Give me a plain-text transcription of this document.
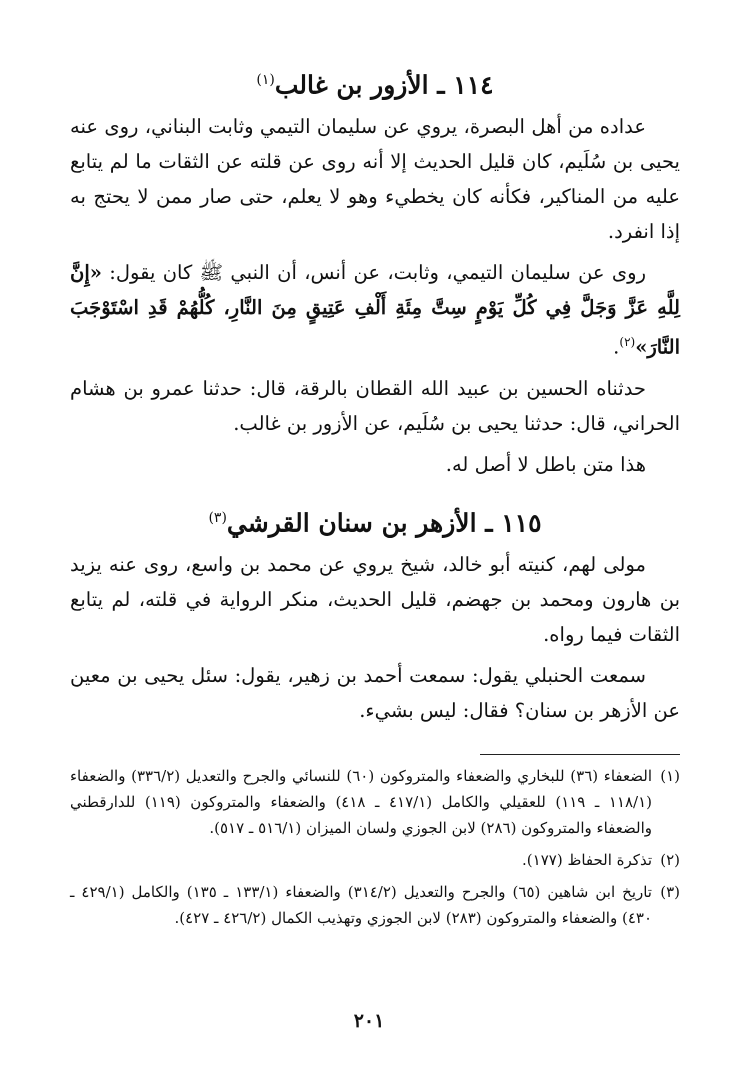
١١٤ ـ الأزور بن غالب$^{(١)}$

عداده من أهل البصرة، يروي عن سليمان التيمي وثابت البناني، روى عنه يحيى بن سُلَيم، كان قليل الحديث إلا أنه روى عن قلته عن الثقات ما لم يتابع عليه من المناكير، فكأنه كان يخطيء وهو لا يعلم، حتى صار ممن لا يحتج به إذا انفرد.

روى عن سليمان التيمي، وثابت، عن أنس، أن النبي ﷺ كان يقول: «إِنَّ لِلَّهِ عَزَّ وَجَلَّ فِي كُلِّ يَوْمٍ سِتَّ مِئَةِ أَلْفِ عَتِيقٍ مِنَ النَّارِ، كُلُّهُمْ قَدِ اسْتَوْجَبَ النَّارَ»$^{(٢)}$.

حدثناه الحسين بن عبيد الله القطان بالرقة، قال: حدثنا عمرو بن هشام الحراني، قال: حدثنا يحيى بن سُلَيم، عن الأزور بن غالب.

هذا متن باطل لا أصل له.

١١٥ ـ الأزهر بن سنان القرشي$^{(٣)}$

مولى لهم، كنيته أبو خالد، شيخ يروي عن محمد بن واسع، روى عنه يزيد بن هارون ومحمد بن جهضم، قليل الحديث، منكر الرواية في قلته، لم يتابع الثقات فيما رواه.

سمعت الحنبلي يقول: سمعت أحمد بن زهير، يقول: سئل يحيى بن معين عن الأزهر بن سنان؟ فقال: ليس بشيء.

(١)
الضعفاء (٣٦) للبخاري والضعفاء والمتروكون (٦٠) للنسائي والجرح والتعديل (٣٣٦/٢) والضعفاء (١١٨/١ ـ ١١٩) للعقيلي والكامل (٤١٧/١ ـ ٤١٨) والضعفاء والمتروكون (١١٩) للدارقطني والضعفاء والمتروكون (٢٨٦) لابن الجوزي ولسان الميزان (٥١٦/١ ـ ٥١٧).
(٢)
تذكرة الحفاظ (١٧٧).
(٣)
تاريخ ابن شاهين (٦٥) والجرح والتعديل (٣١٤/٢) والضعفاء (١٣٣/١ ـ ١٣٥) والكامل (٤٢٩/١ ـ ٤٣٠) والضعفاء والمتروكون (٢٨٣) لابن الجوزي وتهذيب الكمال (٤٢٦/٢ ـ ٤٢٧).
٢٠١
